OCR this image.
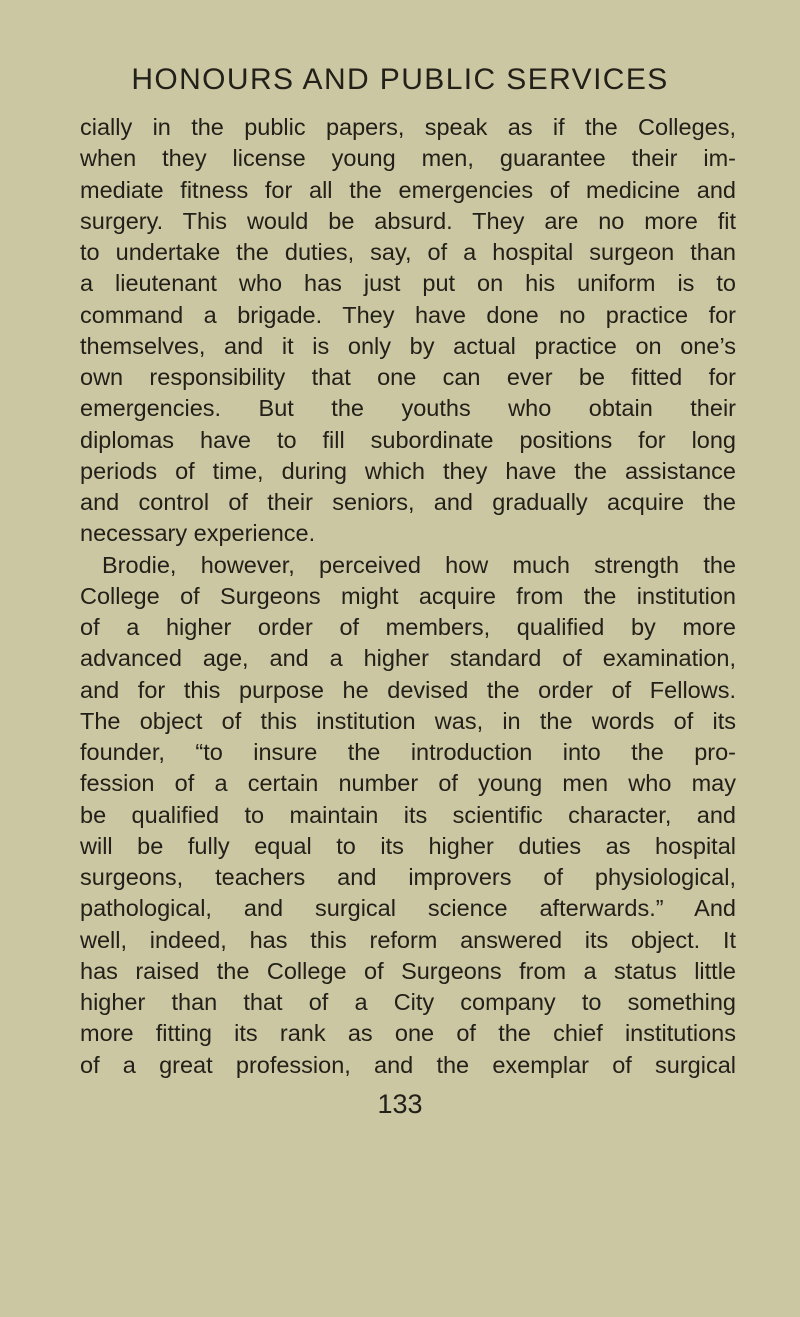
HONOURS AND PUBLIC SERVICES
cially in the public papers, speak as if the Colleges,
when they license young men, guarantee their im-
mediate fitness for all the emergencies of medicine and
surgery. This would be absurd. They are no more fit
to undertake the duties, say, of a hospital surgeon than
a lieutenant who has just put on his uniform is to
command a brigade. They have done no practice for
themselves, and it is only by actual practice on one’s
own responsibility that one can ever be fitted for
emergencies. But the youths who obtain their
diplomas have to fill subordinate positions for long
periods of time, during which they have the assistance
and control of their seniors, and gradually acquire the
necessary experience.
Brodie, however, perceived how much strength the
College of Surgeons might acquire from the institution
of a higher order of members, qualified by more
advanced age, and a higher standard of examination,
and for this purpose he devised the order of Fellows.
The object of this institution was, in the words of its
founder, “to insure the introduction into the pro-
fession of a certain number of young men who may
be qualified to maintain its scientific character, and
will be fully equal to its higher duties as hospital
surgeons, teachers and improvers of physiological,
pathological, and surgical science afterwards.” And
well, indeed, has this reform answered its object. It
has raised the College of Surgeons from a status little
higher than that of a City company to something
more fitting its rank as one of the chief institutions
of a great profession, and the exemplar of surgical
133
